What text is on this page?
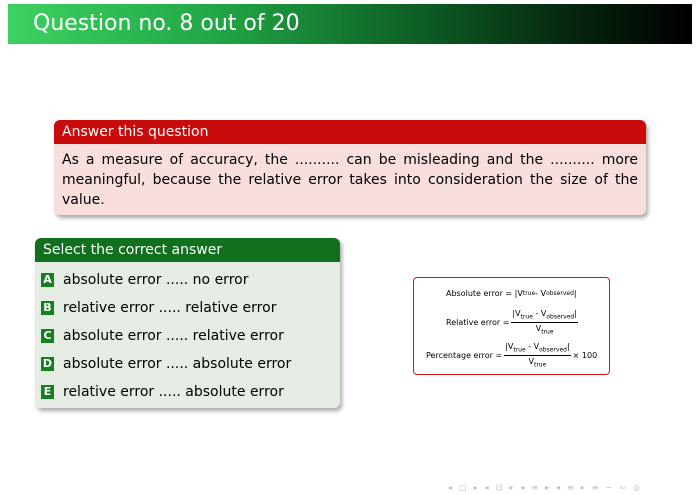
Question no. 8 out of 20
Answer this question
As a measure of accuracy, the .......... can be misleading and the .......... more meaningful, because the relative error takes into consideration the size of the value.
Select the correct answer
A absolute error ..... no error
B relative error ..... relative error
C absolute error ..... relative error
D absolute error ..... absolute error
E relative error ..... absolute error
Absolute error =
|V true - V observed |
Relative error = $\frac{|V_{true} - V_{observed}|}{V_{true}}$
Percentage error = $\frac{|V_{true} - V_{observed}|}{V_{true}} \times 100$
◂ □ ▸ ◂ ⊡ ▸ ◂ ≡ ▸ ◂ ≡ ▸ ≡ ∽ ∾ ◎
